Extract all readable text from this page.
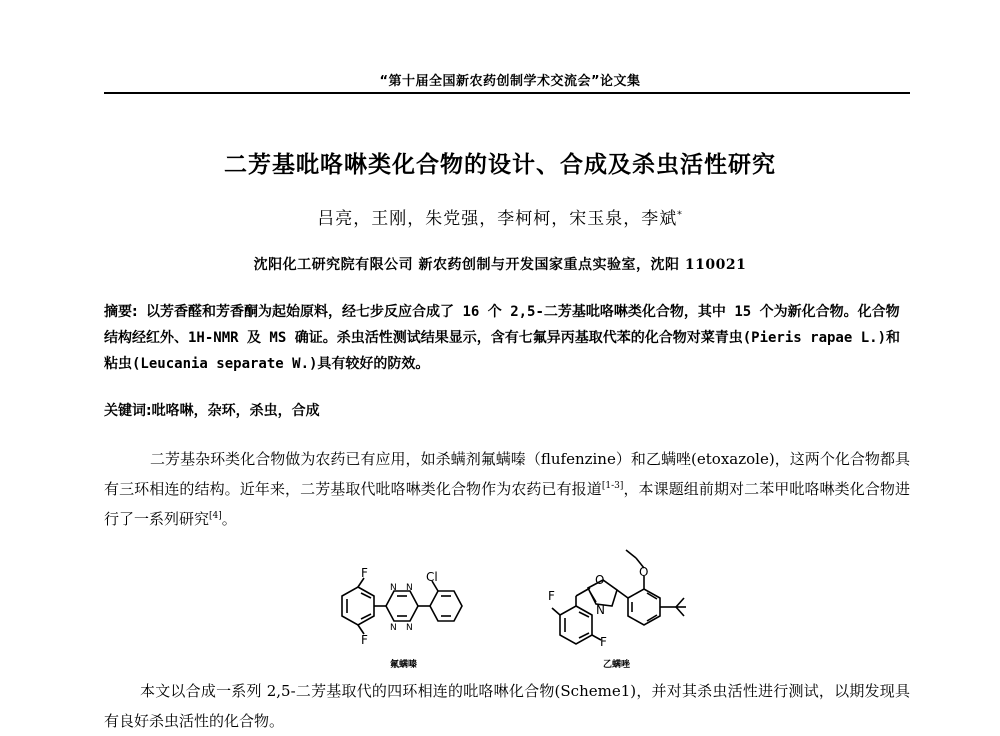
“第十届全国新农药创制学术交流会”论文集
二芳基吡咯啉类化合物的设计、合成及杀虫活性研究
吕亮，王刚，朱党强，李柯柯，宋玉泉，李斌*
沈阳化工研究院有限公司 新农药创制与开发国家重点实验室，沈阳 110021
摘要: 以芳香醛和芳香酮为起始原料，经七步反应合成了 16 个 2,5-二芳基吡咯啉类化合物，其中 15 个为新化合物。化合物结构经红外、1H-NMR 及 MS 确证。杀虫活性测试结果显示，含有七氟异丙基取代苯的化合物对菜青虫(Pieris rapae L.)和粘虫(Leucania separate W.)具有较好的防效。
关键词:吡咯啉，杂环，杀虫，合成
二芳基杂环类化合物做为农药已有应用，如杀螨剂氟螨嗪（flufenzine）和乙螨唑(etoxazole)，这两个化合物都具有三环相连的结构。近年来，二芳基取代吡咯啉类化合物作为农药已有报道[1-3]，本课题组前期对二苯甲吡咯啉类化合物进行了一系列研究[4]。
F
F
Cl
N N
N N
F
F
O
N
O
氟螨嗪	乙螨唑
本文以合成一系列 2,5-二芳基取代的四环相连的吡咯啉化合物(Scheme1)，并对其杀虫活性进行测试，以期发现具有良好杀虫活性的化合物。
